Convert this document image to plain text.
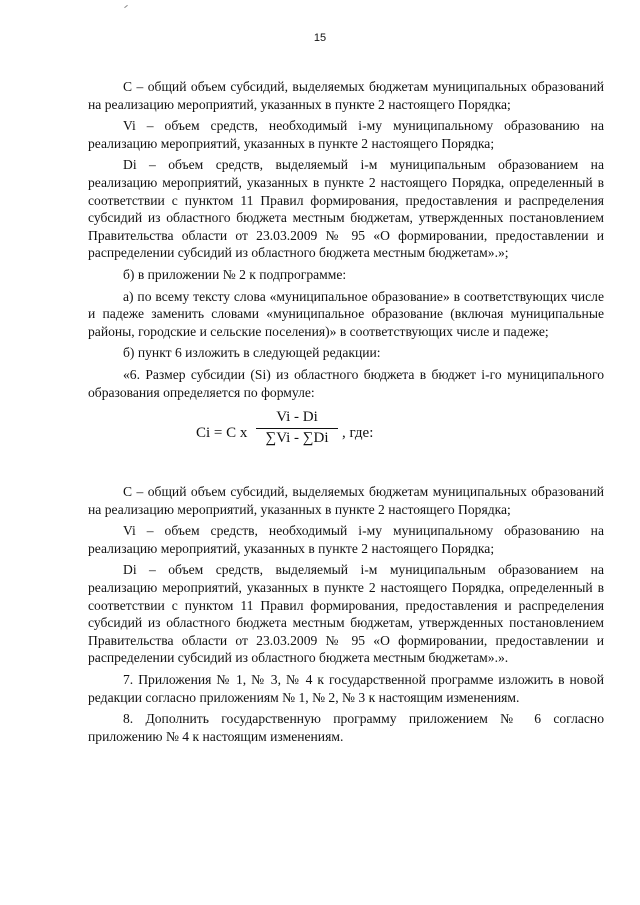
15

С – общий объем субсидий, выделяемых бюджетам муниципальных образований на реализацию мероприятий, указанных в пункте 2 настоящего Порядка;

Vi – объем средств, необходимый i-му муниципальному образованию на реализацию мероприятий, указанных в пункте 2 настоящего Порядка;

Di – объем средств, выделяемый i-м муниципальным образованием на реализацию мероприятий, указанных в пункте 2 настоящего Порядка, определенный в соответствии с пунктом 11 Правил формирования, предоставления и распределения субсидий из областного бюджета местным бюджетам, утвержденных постановлением Правительства области от 23.03.2009 № 95 «О формировании, предоставлении и распределении субсидий из областного бюджета местным бюджетам».»;

б) в приложении № 2 к подпрограмме:

а) по всему тексту слова «муниципальное образование» в соответствующих числе и падеже заменить словами «муниципальное образование (включая муниципальные районы, городские и сельские поселения)» в соответствующих числе и падеже;

б) пункт 6 изложить в следующей редакции:

«6. Размер субсидии (Si) из областного бюджета в бюджет i-го муниципального образования определяется по формуле:

Ci = C x $\frac{Vi - Di}{\sum Vi - \sum Di}$ , где:

С – общий объем субсидий, выделяемых бюджетам муниципальных образований на реализацию мероприятий, указанных в пункте 2 настоящего Порядка;

Vi – объем средств, необходимый i-му муниципальному образованию на реализацию мероприятий, указанных в пункте 2 настоящего Порядка;

Di – объем средств, выделяемый i-м муниципальным образованием на реализацию мероприятий, указанных в пункте 2 настоящего Порядка, определенный в соответствии с пунктом 11 Правил формирования, предоставления и распределения субсидий из областного бюджета местным бюджетам, утвержденных постановлением Правительства области от 23.03.2009 № 95 «О формировании, предоставлении и распределении субсидий из областного бюджета местным бюджетам».».

7. Приложения № 1, № 3, № 4 к государственной программе изложить в новой редакции согласно приложениям № 1, № 2, № 3 к настоящим изменениям.

8. Дополнить государственную программу приложением № 6 согласно приложению № 4 к настоящим изменениям.
